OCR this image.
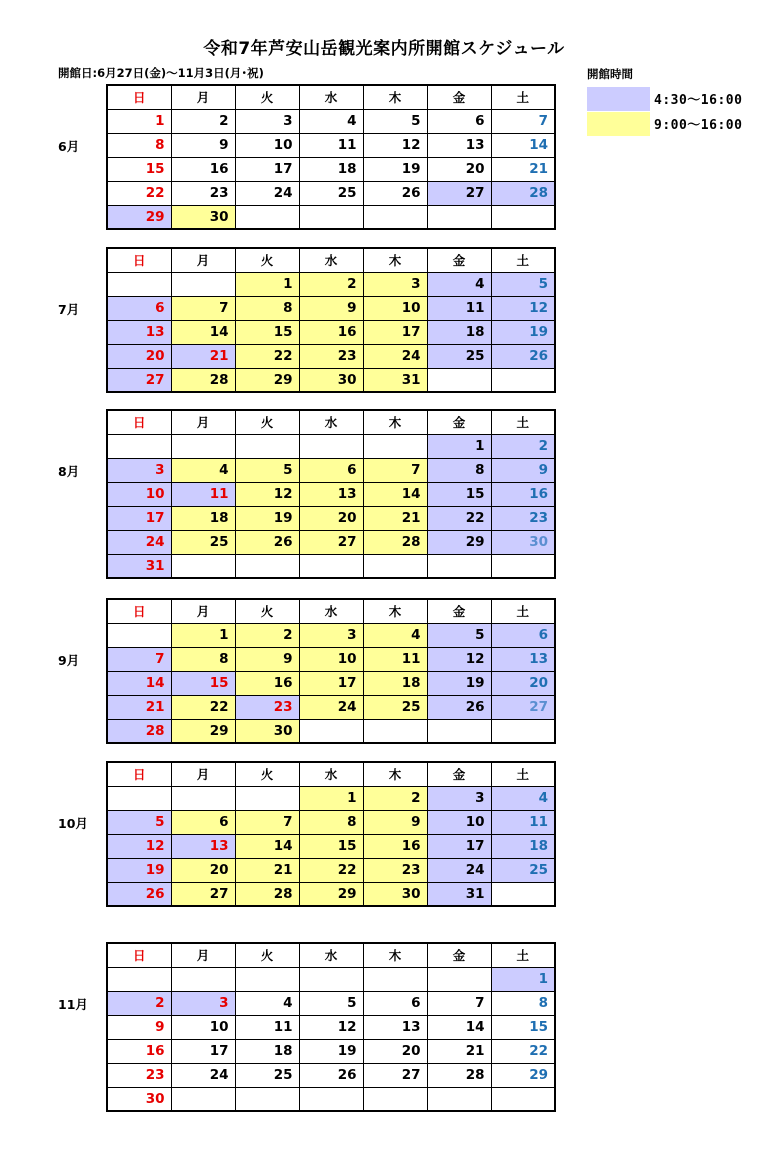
令和7年芦安山岳観光案内所開館スケジュール
開館日:6月27日(金)〜11月3日(月･祝)	開館時間
4:30〜16:00
9:00〜16:00
6月
日	月	火	水	木	金	土
1	2	3	4	5	6	7
8	9	10	11	12	13	14
15	16	17	18	19	20	21
22	23	24	25	26	27	28
29	30					
7月
日	月	火	水	木	金	土
		1	2	3	4	5
6	7	8	9	10	11	12
13	14	15	16	17	18	19
20	21	22	23	24	25	26
27	28	29	30	31		
8月
日	月	火	水	木	金	土
					1	2
3	4	5	6	7	8	9
10	11	12	13	14	15	16
17	18	19	20	21	22	23
24	25	26	27	28	29	30
31						
9月
日	月	火	水	木	金	土
	1	2	3	4	5	6
7	8	9	10	11	12	13
14	15	16	17	18	19	20
21	22	23	24	25	26	27
28	29	30				
10月
日	月	火	水	木	金	土
			1	2	3	4
5	6	7	8	9	10	11
12	13	14	15	16	17	18
19	20	21	22	23	24	25
26	27	28	29	30	31	
11月
日	月	火	水	木	金	土
						1
2	3	4	5	6	7	8
9	10	11	12	13	14	15
16	17	18	19	20	21	22
23	24	25	26	27	28	29
30						
